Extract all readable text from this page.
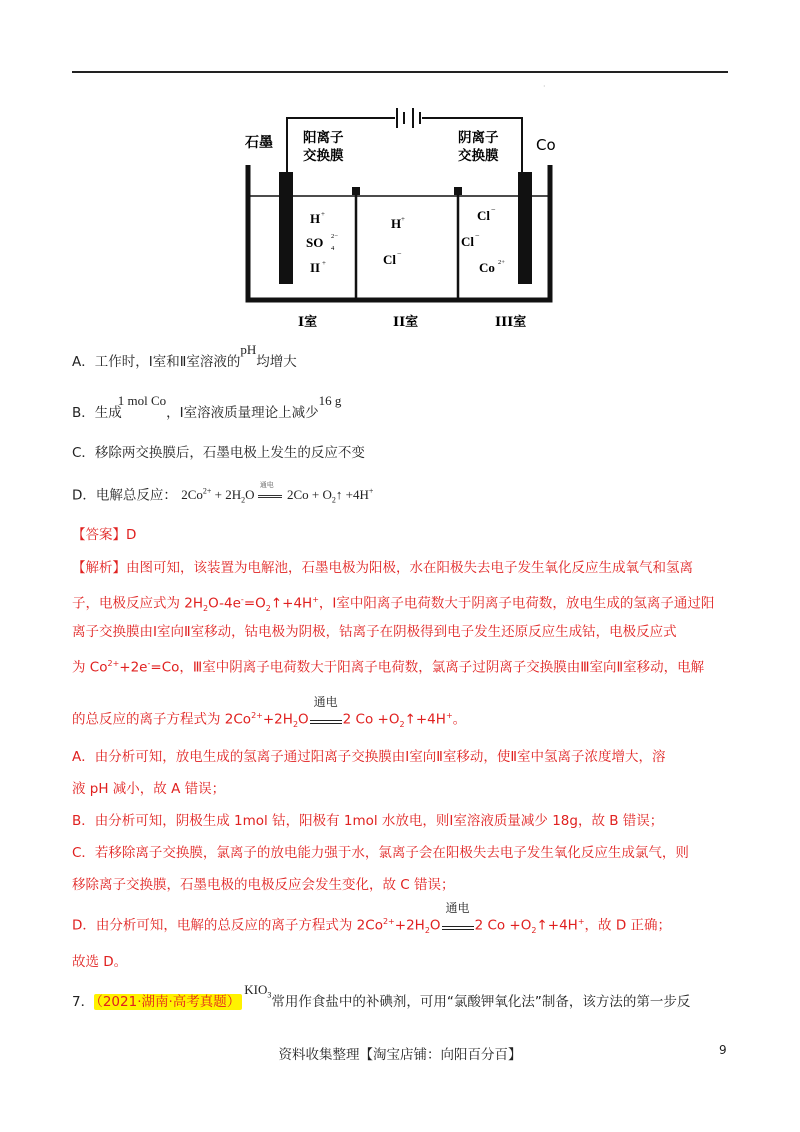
·
石墨 阳离子
交换膜
阴离子
交换膜
Co
I室	II室	III室
H +
SO 4
2−
II +
H +
Cl −
Cl −
Cl −
Co 2+
A．工作时，Ⅰ室和Ⅱ室溶液的pH均增大
B．生成1 mol Co，Ⅰ室溶液质量理论上减少16 g
C．移除两交换膜后，石墨电极上发生的反应不变
D．电解总反应： $2Co^{2+} + 2H_2O$
通电
$2Co + O_2↑ +4H^+$
【答案】D
【解析】由图可知，该装置为电解池，石墨电极为阳极，水在阳极失去电子发生氧化反应生成氧气和氢离
子，电极反应式为 $2H_2O-4e^-=O_2↑+4H^+$，Ⅰ室中阳离子电荷数大于阴离子电荷数，放电生成的氢离子通过阳
离子交换膜由Ⅰ室向Ⅱ室移动，钴电极为阴极，钴离子在阴极得到电子发生还原反应生成钴，电极反应式
为 $Co^{2+}+2e^-=Co$，Ⅲ室中阴离子电荷数大于阳离子电荷数，氯离子过阴离子交换膜由Ⅲ室向Ⅱ室移动，电解
的总反应的离子方程式为 $2Co^{2+}+2H_2O$
通电
2 $Co +O_2↑+4H^+$。
A．由分析可知，放电生成的氢离子通过阳离子交换膜由Ⅰ室向Ⅱ室移动，使Ⅱ室中氢离子浓度增大，溶
液 pH 减小，故 A 错误；
B．由分析可知，阴极生成 1mol 钴，阳极有 1mol 水放电，则Ⅰ室溶液质量减少 18g，故 B 错误；
C．若移除离子交换膜，氯离子的放电能力强于水，氯离子会在阳极失去电子发生氧化反应生成氯气，则
移除离子交换膜，石墨电极的电极反应会发生变化，故 C 错误；
D．由分析可知，电解的总反应的离子方程式为 $2Co^{2+}+2H_2O$
通电
2 $Co +O_2↑+4H^+$，故 D 正确；
故选 D。
7． （2021·湖南·高考真题）$KIO_3$常用作食盐中的补碘剂，可用“氯酸钾氧化法”制备，该方法的第一步反
资料收集整理【淘宝店铺：向阳百分百】	9
